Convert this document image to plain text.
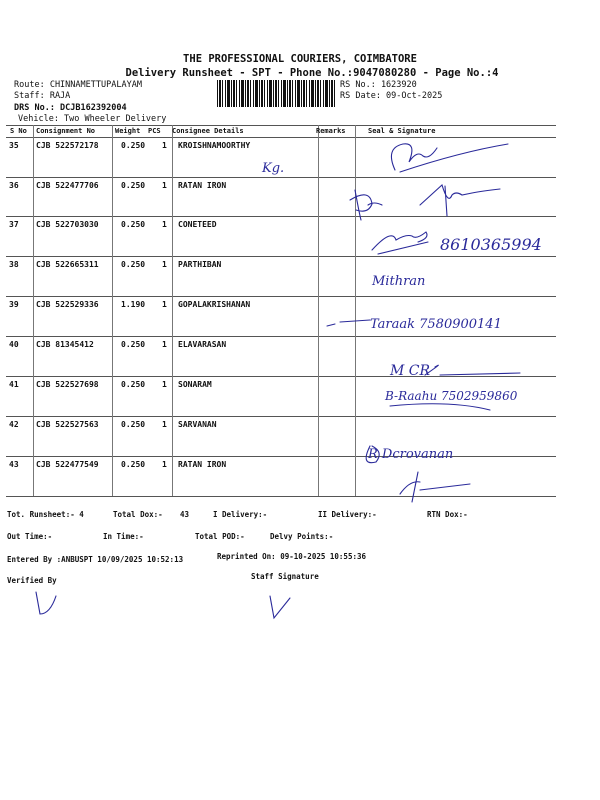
THE PROFESSIONAL COURIERS, COIMBATORE
Delivery Runsheet - SPT - Phone No.:9047080280 - Page No.:4
Route: CHINNAMETTUPALAYAM
Staff: RAJA
DRS No.: DCJB162392004
Vehicle: Two Wheeler Delivery
RS No.: 1623920
RS Date: 09-Oct-2025
S No Consignment No	Weight PCS Consignee Details	Remarks	Seal & Signature
35 CJB 522572178	0.250 1 KROISHNAMOORTHY
36 CJB 522477706	0.250 1 RATAN IRON
37 CJB 522703030	0.250 1 CONETEED
38 CJB 522665311	0.250 1 PARTHIBAN
39 CJB 522529336	1.190 1 GOPALAKRISHANAN
40 CJB 81345412	0.250 1 ELAVARASAN
41 CJB 522527698	0.250 1 SONARAM
42 CJB 522527563	0.250 1 SARVANAN
43 CJB 522477549	0.250 1 RATAN IRON
8610365994
Mithran
Taraak 7580900141
M CR
B-Raahu 7502959860
R Dcrovanan
Kg.
Tot. Runsheet:- 4	Total Dox:- 43	I Delivery:-	II Delivery:-	RTN Dox:-
Out Time:-	In Time:-	Total POD:-	Delvy Points:-
Entered By :ANBUSPT 10/09/2025 10:52:13	Reprinted On: 09-10-2025 10:55:36
Verified By	Staff Signature
